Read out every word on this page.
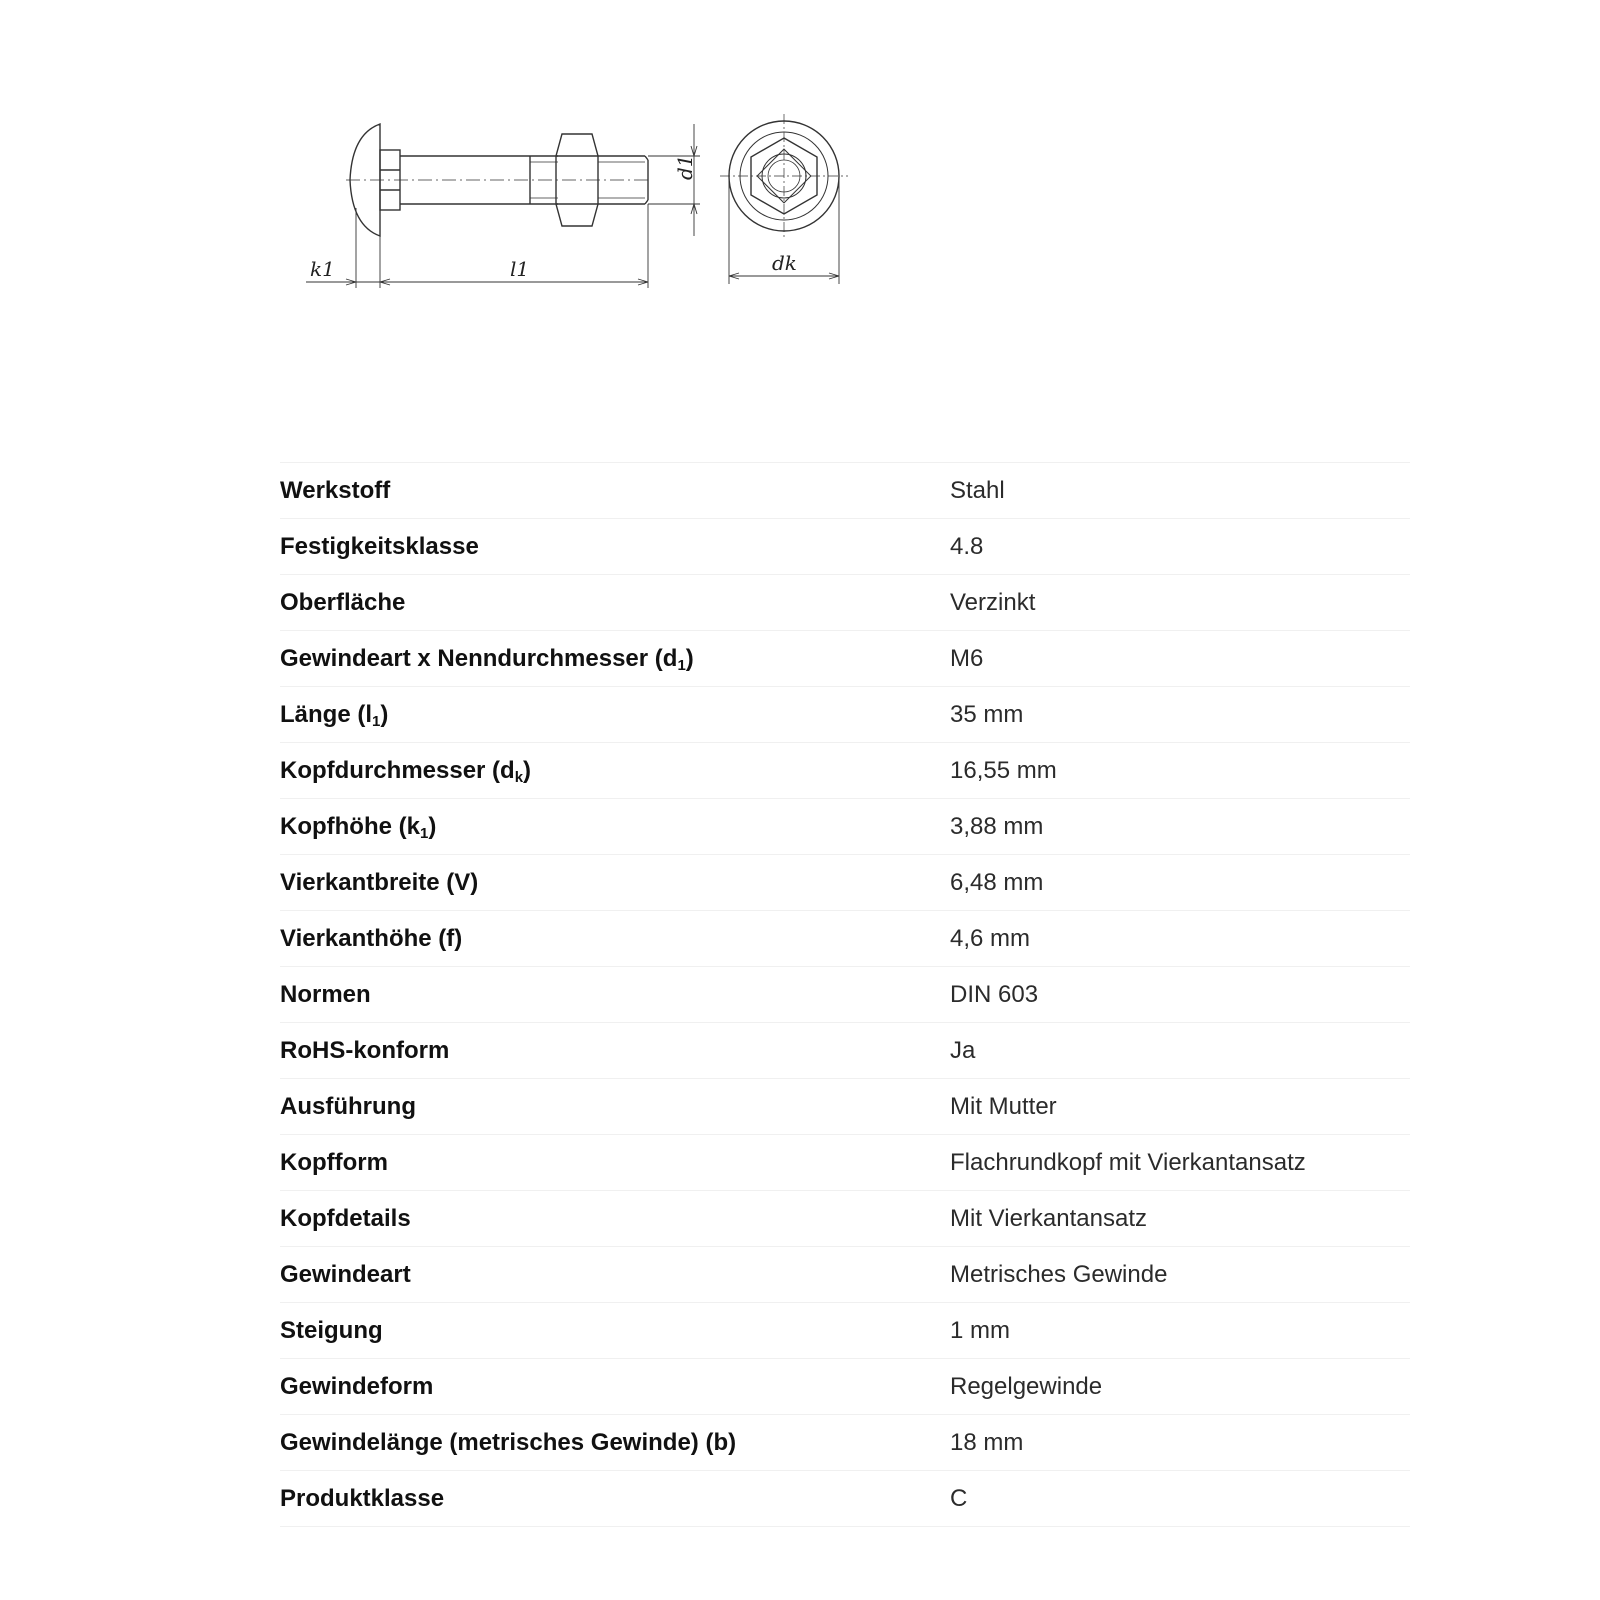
k1	l1
d1
dk
Werkstoff	Stahl
Festigkeitsklasse	4.8
Oberfläche	Verzinkt
Gewindeart x Nenndurchmesser $(d_1)$	M6
Länge $(l_1)$	35 mm
Kopfdurchmesser $(d_k)$	16,55 mm
Kopfhöhe $(k_1)$	3,88 mm
Vierkantbreite (V)	6,48 mm
Vierkanthöhe (f)	4,6 mm
Normen	DIN 603
RoHS-konform	Ja
Ausführung	Mit Mutter
Kopfform	Flachrundkopf mit Vierkantansatz
Kopfdetails	Mit Vierkantansatz
Gewindeart	Metrisches Gewinde
Steigung	1 mm
Gewindeform	Regelgewinde
Gewindelänge (metrisches Gewinde) (b)	18 mm
Produktklasse	C
